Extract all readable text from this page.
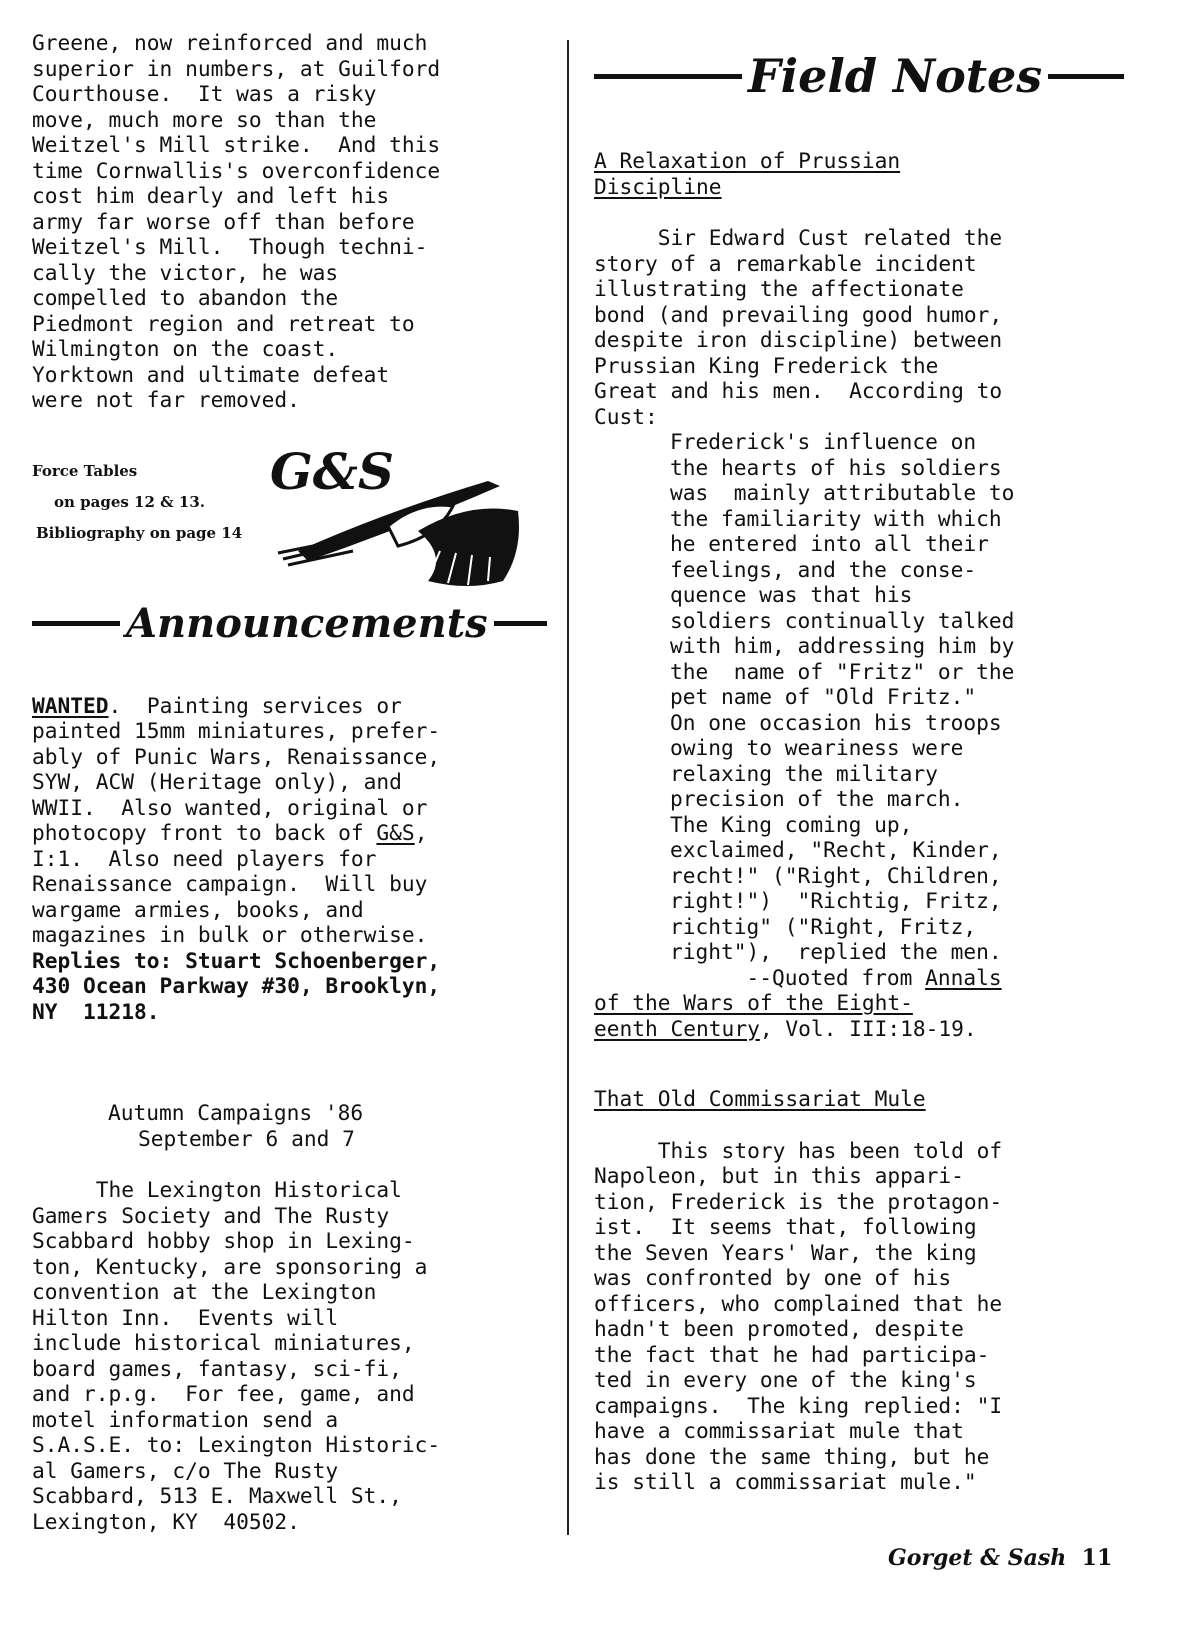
Greene, now reinforced and much

superior in numbers, at Guilford

Courthouse.  It was a risky

move, much more so than the

Weitzel's Mill strike.  And this

time Cornwallis's overconfidence

cost him dearly and left his

army far worse off than before

Weitzel's Mill.  Though techni-

cally the victor, he was

compelled to abandon the

Piedmont region and retreat to

Wilmington on the coast.

Yorktown and ultimate defeat

were not far removed.

Force Tables
on pages 12 & 13.
Bibliography on page 14
G&S
Announcements

WANTED.  Painting services or

painted 15mm miniatures, prefer-

ably of Punic Wars, Renaissance,

SYW, ACW (Heritage only), and

WWII.  Also wanted, original or

photocopy front to back of G&S,

I:1.  Also need players for

Renaissance campaign.  Will buy

wargame armies, books, and

magazines in bulk or otherwise.

Replies to: Stuart Schoenberger,

430 Ocean Parkway #30, Brooklyn,

NY  11218.

Autumn Campaigns '86

September 6 and 7

The Lexington Historical

Gamers Society and The Rusty

Scabbard hobby shop in Lexing-

ton, Kentucky, are sponsoring a

convention at the Lexington

Hilton Inn.  Events will

include historical miniatures,

board games, fantasy, sci-fi,

and r.p.g.  For fee, game, and

motel information send a

S.A.S.E. to: Lexington Historic-

al Gamers, c/o The Rusty

Scabbard, 513 E. Maxwell St.,

Lexington, KY  40502.

Field Notes

A Relaxation of Prussian

Discipline

Sir Edward Cust related the

story of a remarkable incident

illustrating the affectionate

bond (and prevailing good humor,

despite iron discipline) between

Prussian King Frederick the

Great and his men.  According to

Cust:

Frederick's influence on

the hearts of his soldiers

was  mainly attributable to

the familiarity with which

he entered into all their

feelings, and the conse-

quence was that his

soldiers continually talked

with him, addressing him by

the  name of "Fritz" or the

pet name of "Old Fritz."

On one occasion his troops

owing to weariness were

relaxing the military

precision of the march.

The King coming up,

exclaimed, "Recht, Kinder,

recht!" ("Right, Children,

right!")  "Richtig, Fritz,

richtig" ("Right, Fritz,

right"),  replied the men.

--Quoted from Annals

of the Wars of the Eight-

eenth Century, Vol. III:18-19.

That Old Commissariat Mule

This story has been told of

Napoleon, but in this appari-

tion, Frederick is the protagon-

ist.  It seems that, following

the Seven Years' War, the king

was confronted by one of his

officers, who complained that he

hadn't been promoted, despite

the fact that he had participa-

ted in every one of the king's

campaigns.  The king replied: "I

have a commissariat mule that

has done the same thing, but he

is still a commissariat mule."

Gorget & Sash 11
